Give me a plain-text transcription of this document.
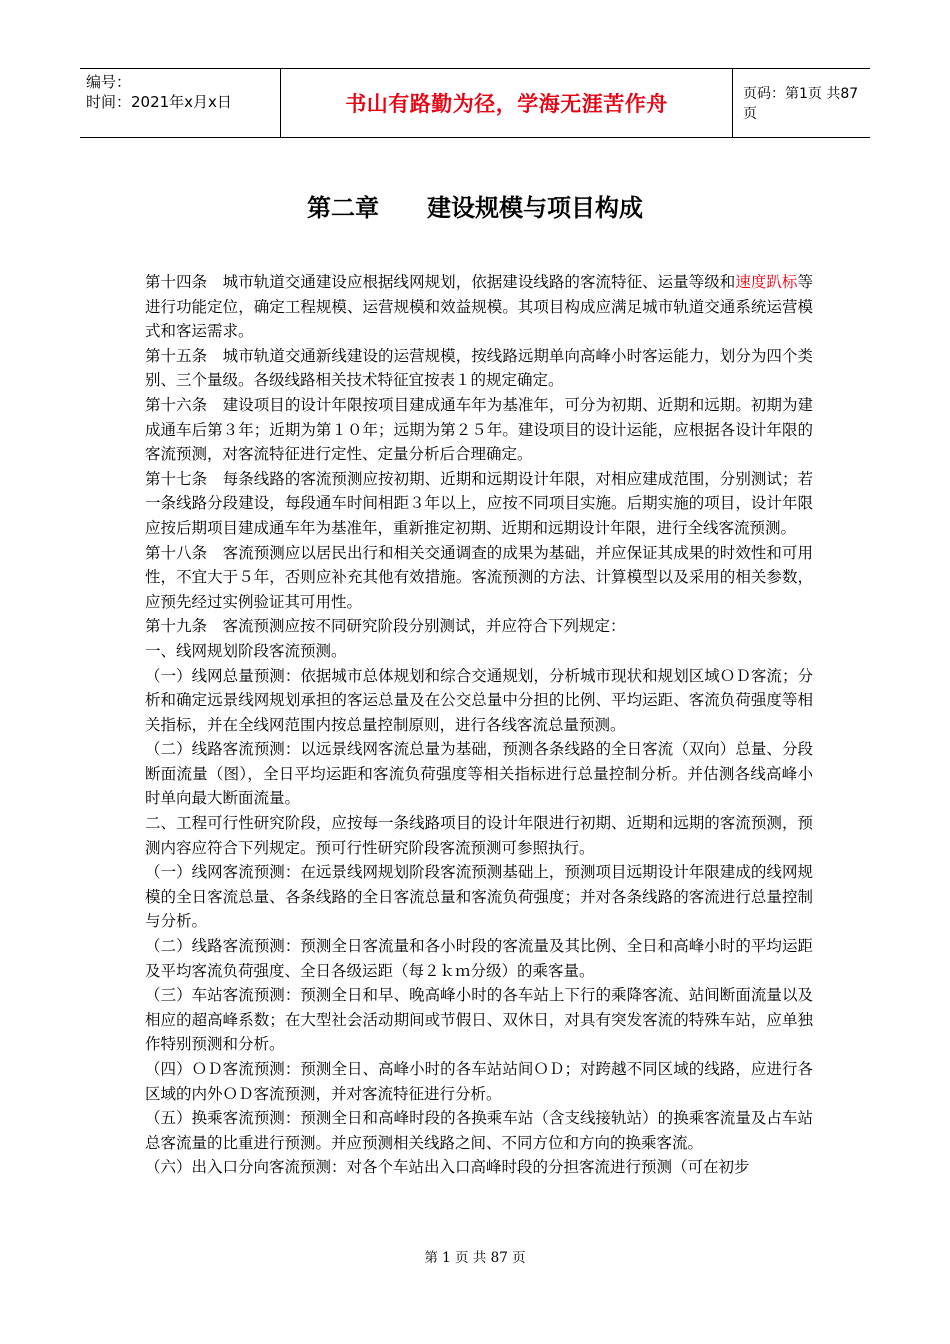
编号：
时间：2021年x月x日	书山有路勤为径，学海无涯苦作舟	页码：第1页 共87页
第二章　　建设规模与项目构成

第十四条　城市轨道交通建设应根据线网规划，依据建设线路的客流特征、运量等级和速度趴标等进行功能定位，确定工程规模、运营规模和效益规模。其项目构成应满足城市轨道交通系统运营模式和客运需求。

第十五条　城市轨道交通新线建设的运营规模，按线路远期单向高峰小时客运能力，划分为四个类别、三个量级。各级线路相关技术特征宜按表１的规定确定。

第十六条　建设项目的设计年限按项目建成通车年为基准年，可分为初期、近期和远期。初期为建成通车后第３年；近期为第１０年；远期为第２５年。建设项目的设计运能，应根据各设计年限的客流预测，对客流特征进行定性、定量分析后合理确定。

第十七条　每条线路的客流预测应按初期、近期和远期设计年限，对相应建成范围，分别测试；若一条线路分段建设，每段通车时间相距３年以上，应按不同项目实施。后期实施的项目，设计年限应按后期项目建成通车年为基准年，重新推定初期、近期和远期设计年限，进行全线客流预测。

第十八条　客流预测应以居民出行和相关交通调查的成果为基础，并应保证其成果的时效性和可用性，不宜大于５年，否则应补充其他有效措施。客流预测的方法、计算模型以及采用的相关参数，应预先经过实例验证其可用性。

第十九条　客流预测应按不同研究阶段分别测试，并应符合下列规定：

一、线网规划阶段客流预测。

（一）线网总量预测：依据城市总体规划和综合交通规划，分析城市现状和规划区域ＯＤ客流；分析和确定远景线网规划承担的客运总量及在公交总量中分担的比例、平均运距、客流负荷强度等相关指标，并在全线网范围内按总量控制原则，进行各线客流总量预测。

（二）线路客流预测：以远景线网客流总量为基础，预测各条线路的全日客流（双向）总量、分段断面流量（图），全日平均运距和客流负荷强度等相关指标进行总量控制分析。并估测各线高峰小时单向最大断面流量。

二、工程可行性研究阶段，应按每一条线路项目的设计年限进行初期、近期和远期的客流预测，预测内容应符合下列规定。预可行性研究阶段客流预测可参照执行。

（一）线网客流预测：在远景线网规划阶段客流预测基础上，预测项目远期设计年限建成的线网规模的全日客流总量、各条线路的全日客流总量和客流负荷强度；并对各条线路的客流进行总量控制与分析。

（二）线路客流预测：预测全日客流量和各小时段的客流量及其比例、全日和高峰小时的平均运距及平均客流负荷强度、全日各级运距（每２ｋｍ分级）的乘客量。

（三）车站客流预测：预测全日和早、晚高峰小时的各车站上下行的乘降客流、站间断面流量以及相应的超高峰系数；在大型社会活动期间或节假日、双休日，对具有突发客流的特殊车站，应单独作特别预测和分析。

（四）ＯＤ客流预测：预测全日、高峰小时的各车站站间ＯＤ；对跨越不同区域的线路，应进行各区域的内外ＯＤ客流预测，并对客流特征进行分析。

（五）换乘客流预测：预测全日和高峰时段的各换乘车站（含支线接轨站）的换乘客流量及占车站总客流量的比重进行预测。并应预测相关线路之间、不同方位和方向的换乘客流。

（六）出入口分向客流预测：对各个车站出入口高峰时段的分担客流进行预测（可在初步

第 1 页 共 87 页
